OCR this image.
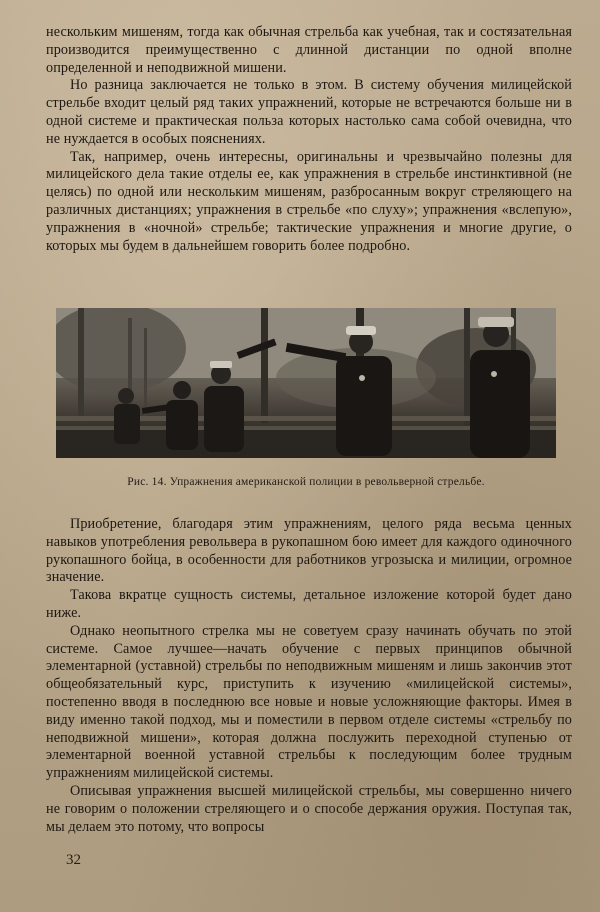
нескольким мишеням, тогда как обычная стрельба как учебная, так и состязательная производится преимущественно с длинной дистанции по одной вполне определенной и неподвижной мишени.

Но разница заключается не только в этом. В систему обучения милицейской стрельбе входит целый ряд таких упражнений, которые не встречаются больше ни в одной системе и практическая польза которых настолько сама собой очевидна, что не нуждается в особых пояснениях.

Так, например, очень интересны, оригинальны и чрезвычайно полезны для милицейского дела такие отделы ее, как упражнения в стрельбе инстинктивной (не целясь) по одной или нескольким мишеням, разбросанным вокруг стреляющего на различных дистанциях; упражнения в стрельбе «по слуху»; упражнения «вслепую», упражнения в «ночной» стрельбе; тактические упражнения и многие другие, о которых мы будем в дальнейшем говорить более подробно.

Рис. 14. Упражнения американской полиции в револьверной стрельбе.

Приобретение, благодаря этим упражнениям, целого ряда весьма ценных навыков употребления револьвера в рукопашном бою имеет для каждого одиночного рукопашного бойца, в особенности для работников угрозыска и милиции, огромное значение.

Такова вкратце сущность системы, детальное изложение которой будет дано ниже.

Однако неопытного стрелка мы не советуем сразу начинать обучать по этой системе. Самое лучшее—начать обучение с первых принципов обычной элементарной (уставной) стрельбы по неподвижным мишеням и лишь закончив этот общеобязательный курс, приступить к изучению «милицейской системы», постепенно вводя в последнюю все новые и новые усложняющие факторы. Имея в виду именно такой подход, мы и поместили в первом отделе системы «стрельбу по неподвижной мишени», которая должна послужить переходной ступенью от элементарной военной уставной стрельбы к последующим более трудным упражнениям милицейской системы.

Описывая упражнения высшей милицейской стрельбы, мы совершенно ничего не говорим о положении стреляющего и о способе держания оружия. Поступая так, мы делаем это потому, что вопросы

32
